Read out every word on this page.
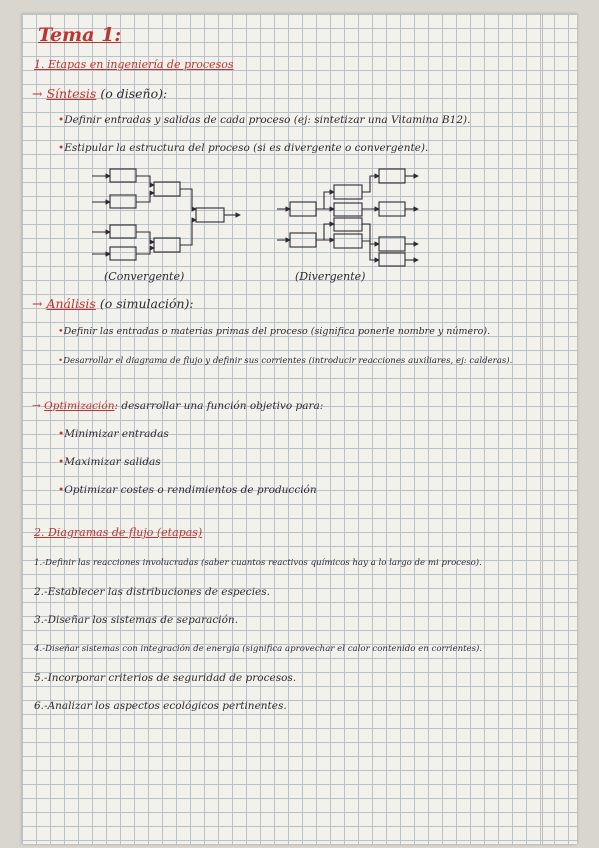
Tema 1:
1. Etapas en ingeniería de procesos
→ Síntesis (o diseño):
•Definir entradas y salidas de cada proceso (ej: sintetizar una Vitamina B12).
•Estipular la estructura del proceso (si es divergente o convergente).
(Convergente)	(Divergente)
→ Análisis (o simulación):
•Definir las entradas o materias primas del proceso (significa ponerle nombre y número).
•Desarrollar el diagrama de flujo y definir sus corrientes (introducir reacciones auxiliares, ej: calderas).
→ Optimización: desarrollar una función objetivo para:
•Minimizar entradas
•Maximizar salidas
•Optimizar costes o rendimientos de producción
2. Diagramas de flujo (etapas)
1.-Definir las reacciones involucradas (saber cuantos reactivos químicos hay a lo largo de mi proceso).
2.-Establecer las distribuciones de especies.
3.-Diseñar los sistemas de separación.
4.-Diseñar sistemas con integración de energía (significa aprovechar el calor contenido en corrientes).
5.-Incorporar criterios de seguridad de procesos.
6.-Analizar los aspectos ecológicos pertinentes.
